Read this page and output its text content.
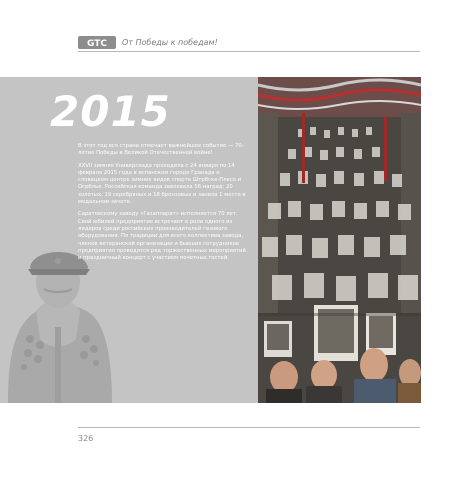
GTC От Победы к победам!
2015

В этот год вся страна отмечает важнейшее событие — 70-летие Победы в Великой Отечественной войне!

XXVII зимняя Универсиада проходила с 24 января по 14 февраля 2015 года в испанском городе Гранада и словацком центре зимних видов спорта Штрбске-Плесо и Осрблье. Российская команда завоевала 56 наград: 20 золотых, 19 серебряных и 18 бронзовых и заняла 1 место в медальном зачете.

Саратовскому заводу «Газаппарат» исполняется 70 лет. Свой юбилей предприятие встречает в роли одного из лидеров среди российских производителей газового оборудования. По традиции для всего коллектива завода, членов ветеранской организации и бывших сотрудников предприятия проводятся ряд торжественных мероприятий и праздничный концерт с участием почетных гостей.

326
